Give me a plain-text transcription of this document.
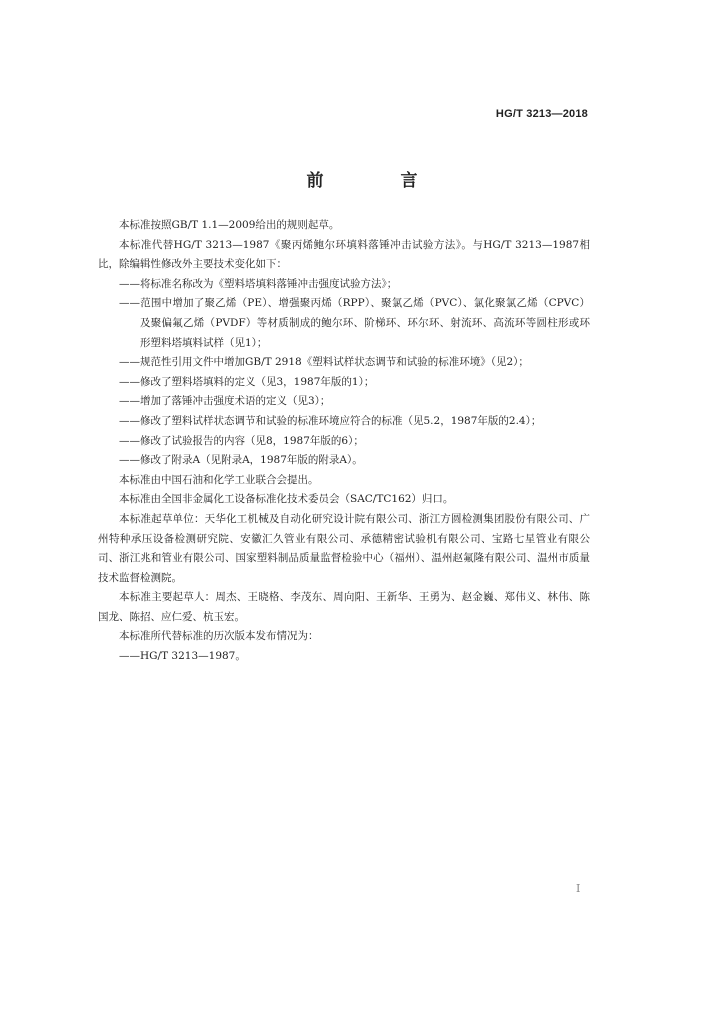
HG/T 3213—2018
前　言

本标准按照GB/T 1.1—2009给出的规则起草。

本标准代替HG/T 3213—1987《聚丙烯鲍尔环填料落锤冲击试验方法》。与HG/T 3213—1987相比，除编辑性修改外主要技术变化如下：

——将标准名称改为《塑料塔填料落锤冲击强度试验方法》；

——范围中增加了聚乙烯（PE）、增强聚丙烯（RPP）、聚氯乙烯（PVC）、氯化聚氯乙烯（CPVC）及聚偏氟乙烯（PVDF）等材质制成的鲍尔环、阶梯环、环尔环、射流环、高流环等圆柱形或环形塑料塔填料试样（见1）；

——规范性引用文件中增加GB/T 2918《塑料试样状态调节和试验的标准环境》（见2）；

——修改了塑料塔填料的定义（见3，1987年版的1）；

——增加了落锤冲击强度术语的定义（见3）；

——修改了塑料试样状态调节和试验的标准环境应符合的标准（见5.2，1987年版的2.4）；

——修改了试验报告的内容（见8，1987年版的6）；

——修改了附录A（见附录A，1987年版的附录A）。

本标准由中国石油和化学工业联合会提出。

本标准由全国非金属化工设备标准化技术委员会（SAC/TC162）归口。

本标准起草单位：天华化工机械及自动化研究设计院有限公司、浙江方圆检测集团股份有限公司、广州特种承压设备检测研究院、安徽汇久管业有限公司、承德精密试验机有限公司、宝路七星管业有限公司、浙江兆和管业有限公司、国家塑料制品质量监督检验中心（福州）、温州赵氟隆有限公司、温州市质量技术监督检测院。

本标准主要起草人：周杰、王晓格、李茂东、周向阳、王新华、王勇为、赵金巍、郑伟义、林伟、陈国龙、陈招、应仁爱、杭玉宏。

本标准所代替标准的历次版本发布情况为：

——HG/T 3213—1987。

I
